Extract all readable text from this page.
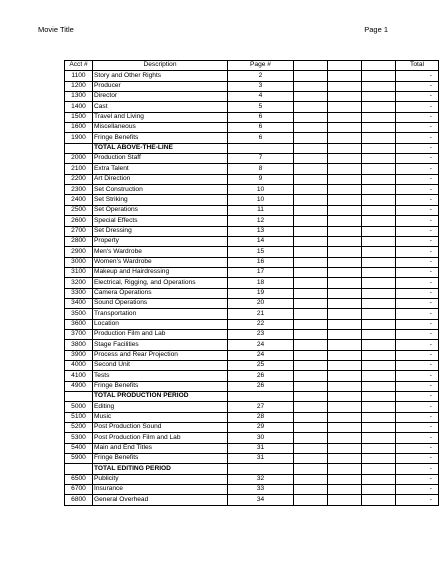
Movie Title	Page 1
Acct #	Description	Page #				Total
1100	Story and Other Rights	2				-
1200	Producer	3				-
1300	Director	4				-
1400	Cast	5				-
1500	Travel and Living	6				-
1600	Miscellaneous	6				-
1900	Fringe Benefits	6				-
	TOTAL ABOVE-THE-LINE					-
2000	Production Staff	7				-
2100	Extra Talent	8				-
2200	Art Direction	9				-
2300	Set Construction	10				-
2400	Set Striking	10				-
2500	Set Operations	11				-
2600	Special Effects	12				-
2700	Set Dressing	13				-
2800	Property	14				-
2900	Men's Wardrobe	15				-
3000	Women's Wardrobe	16				-
3100	Makeup and Hairdressing	17				-
3200	Electrical, Rigging, and Operations	18				-
3300	Camera Operations	19				-
3400	Sound Operations	20				-
3500	Transportation	21				-
3600	Location	22				-
3700	Production Film and Lab	23				-
3800	Stage Facilities	24				-
3900	Process and Rear Projection	24				-
4000	Second Unit	25				-
4100	Tests	26				-
4900	Fringe Benefits	26				-
	TOTAL PRODUCTION PERIOD					-
5000	Editing	27				-
5100	Music	28				-
5200	Post Production Sound	29				-
5300	Post Production Film and Lab	30				-
5400	Main and End Titles	31				-
5900	Fringe Benefits	31				-
	TOTAL EDITING PERIOD					-
6500	Publicity	32				-
6700	Insurance	33				-
6800	General Overhead	34				-
